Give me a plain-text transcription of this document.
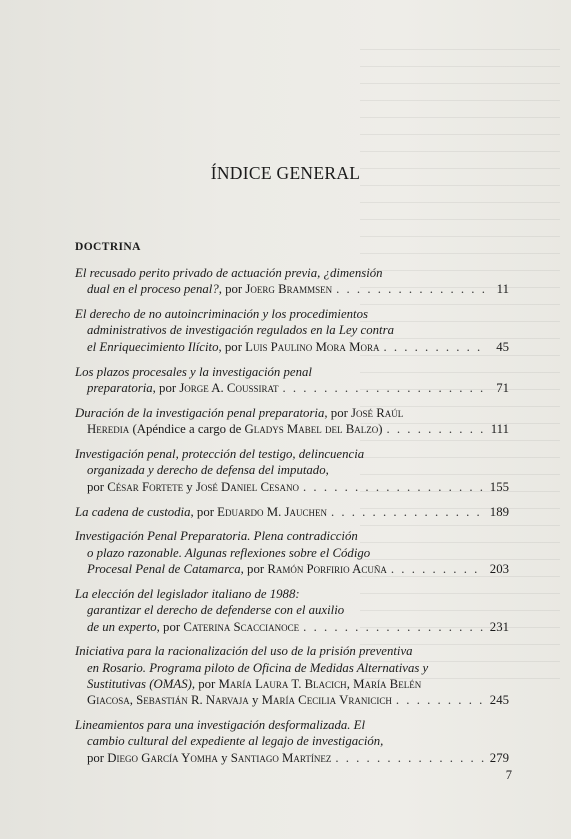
ÍNDICE GENERAL
DOCTRINA
El recusado perito privado de actuación previa, ¿dimensión
dual en el proceso penal?, por Joerg Brammsen . . .	11
El derecho de no autoincriminación y los procedimientos
administrativos de investigación regulados en la Ley contra
el Enriquecimiento Ilícito, por Luis Paulino Mora Mora . . .	45
Los plazos procesales y la investigación penal
preparatoria, por Jorge A. Coussirat . . .	71
Duración de la investigación penal preparatoria, por José Raúl
Heredia (Apéndice a cargo de Gladys Mabel del Balzo) . . .	111
Investigación penal, protección del testigo, delincuencia
organizada y derecho de defensa del imputado,
por César Fortete y José Daniel Cesano . . .	155
La cadena de custodia, por Eduardo M. Jauchen . . .	189
Investigación Penal Preparatoria. Plena contradicción
o plazo razonable. Algunas reflexiones sobre el Código
Procesal Penal de Catamarca, por Ramón Porfirio Acuña . . .	203
La elección del legislador italiano de 1988:
garantizar el derecho de defenderse con el auxilio
de un experto, por Caterina Scaccianoce . . .	231
Iniciativa para la racionalización del uso de la prisión preventiva
en Rosario. Programa piloto de Oficina de Medidas Alternativas y
Sustitutivas (OMAS), por María Laura T. Blacich, María Belén
Giacosa, Sebastián R. Narvaja y María Cecilia Vranicich . . .	245
Lineamientos para una investigación desformalizada. El
cambio cultural del expediente al legajo de investigación,
por Diego García Yomha y Santiago Martínez . . .	279
7
